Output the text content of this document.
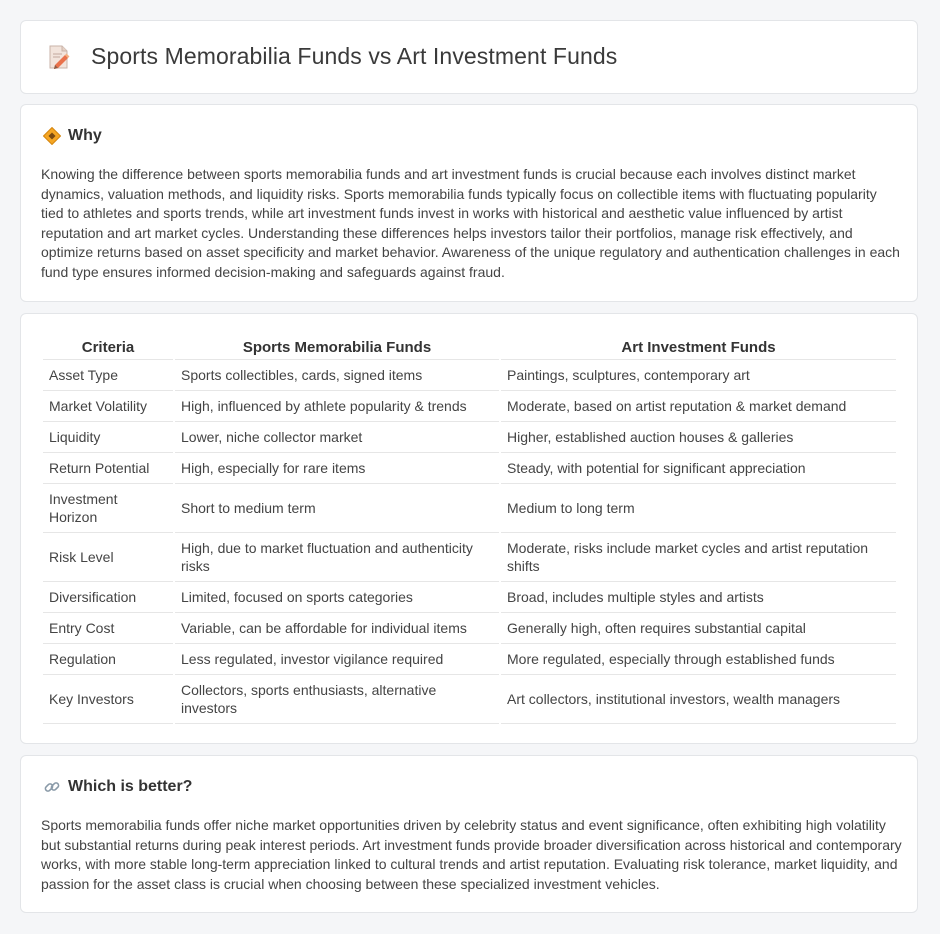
Sports Memorabilia Funds vs Art Investment Funds
Why

Knowing the difference between sports memorabilia funds and art investment funds is crucial because each involves distinct market dynamics, valuation methods, and liquidity risks. Sports memorabilia funds typically focus on collectible items with fluctuating popularity tied to athletes and sports trends, while art investment funds invest in works with historical and aesthetic value influenced by artist reputation and art market cycles. Understanding these differences helps investors tailor their portfolios, manage risk effectively, and optimize returns based on asset specificity and market behavior. Awareness of the unique regulatory and authentication challenges in each fund type ensures informed decision-making and safeguards against fraud.

Criteria	Sports Memorabilia Funds	Art Investment Funds
Asset Type	Sports collectibles, cards, signed items	Paintings, sculptures, contemporary art
Market Volatility	High, influenced by athlete popularity & trends	Moderate, based on artist reputation & market demand
Liquidity	Lower, niche collector market	Higher, established auction houses & galleries
Return Potential	High, especially for rare items	Steady, with potential for significant appreciation
Investment Horizon	Short to medium term	Medium to long term
Risk Level	High, due to market fluctuation and authenticity risks	Moderate, risks include market cycles and artist reputation shifts
Diversification	Limited, focused on sports categories	Broad, includes multiple styles and artists
Entry Cost	Variable, can be affordable for individual items	Generally high, often requires substantial capital
Regulation	Less regulated, investor vigilance required	More regulated, especially through established funds
Key Investors	Collectors, sports enthusiasts, alternative investors	Art collectors, institutional investors, wealth managers
Which is better?

Sports memorabilia funds offer niche market opportunities driven by celebrity status and event significance, often exhibiting high volatility but substantial returns during peak interest periods. Art investment funds provide broader diversification across historical and contemporary works, with more stable long-term appreciation linked to cultural trends and artist reputation. Evaluating risk tolerance, market liquidity, and passion for the asset class is crucial when choosing between these specialized investment vehicles.
